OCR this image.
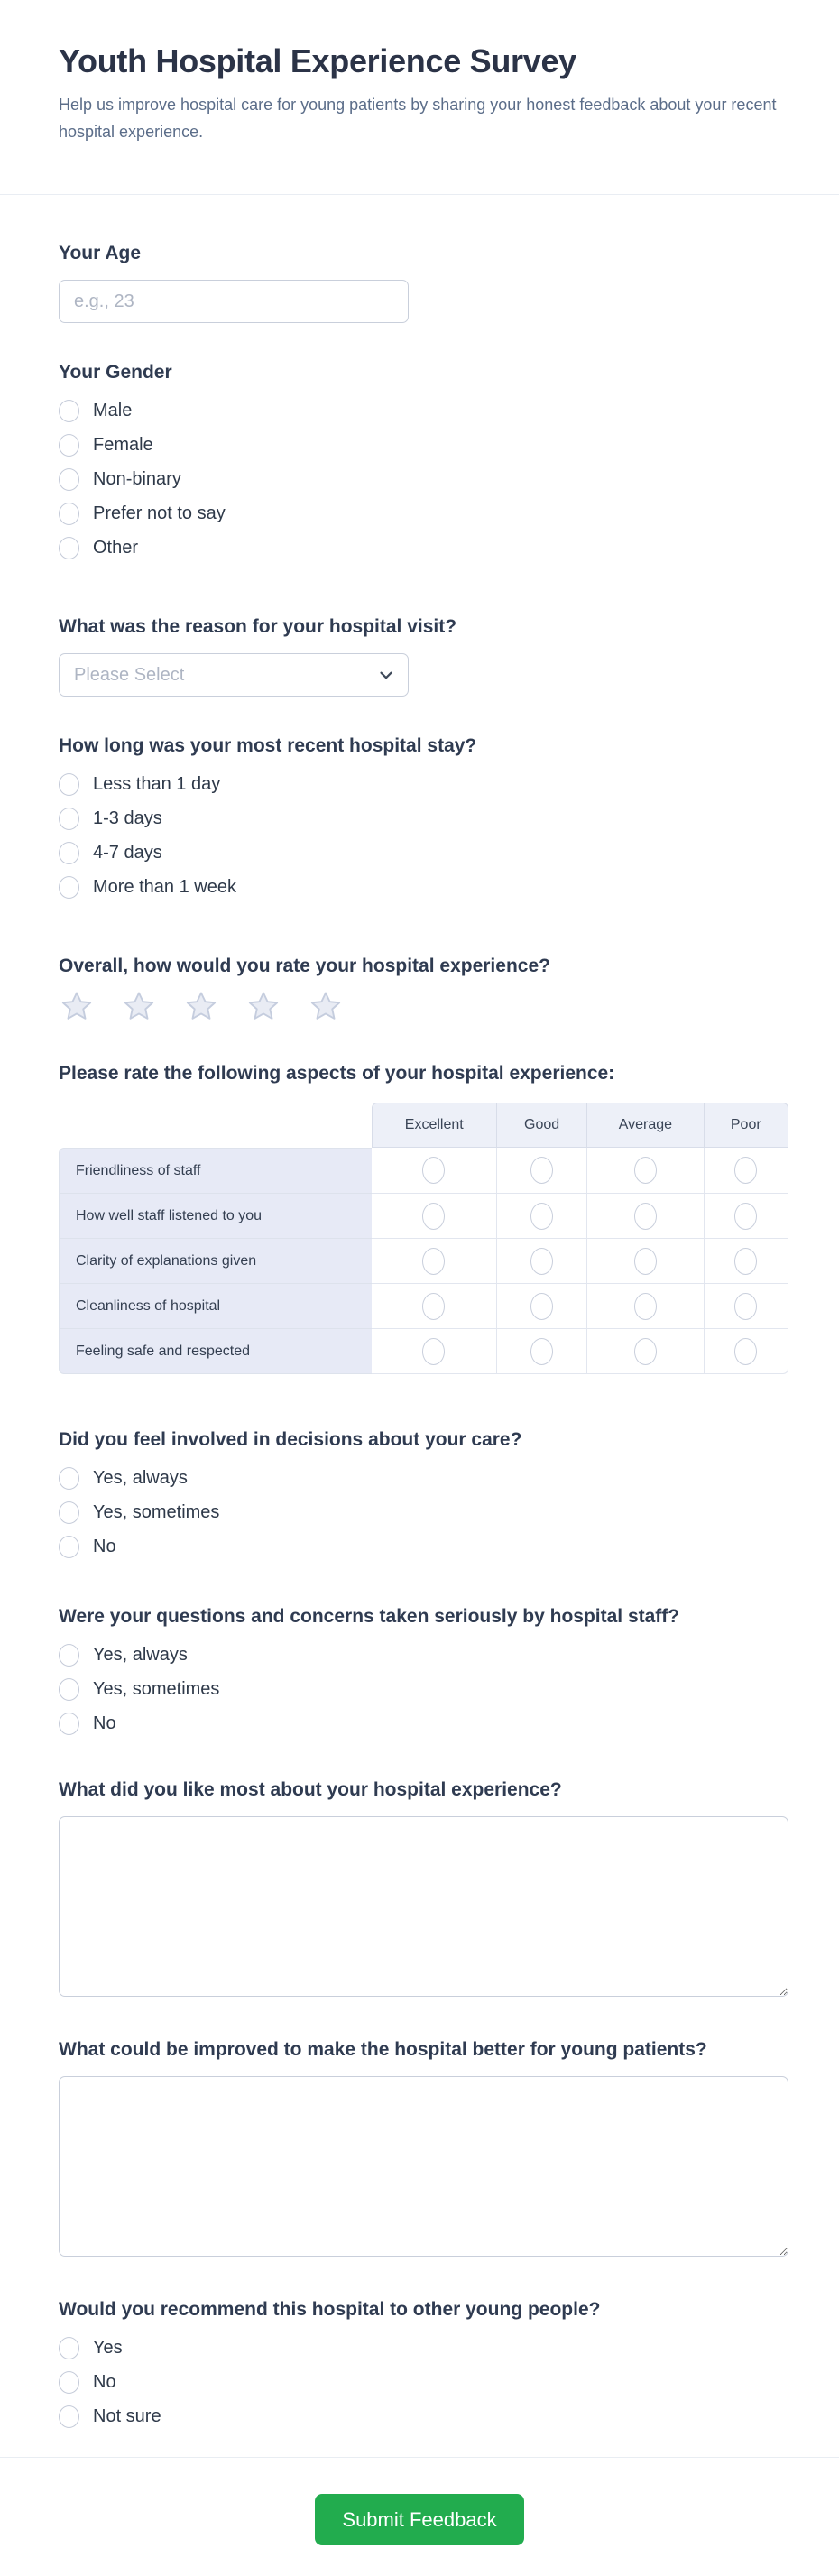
Youth Hospital Experience Survey

Help us improve hospital care for young patients by sharing your honest feedback about your recent hospital experience.

Your Age
e.g., 23
Your Gender
Male
Female
Non-binary
Prefer not to say
Other
What was the reason for your hospital visit?
Please Select
How long was your most recent hospital stay?
Less than 1 day
1-3 days
4-7 days
More than 1 week
Overall, how would you rate your hospital experience?
Please rate the following aspects of your hospital experience:
	Excellent	Good	Average	Poor
Friendliness of staff				
How well staff listened to you				
Clarity of explanations given				
Cleanliness of hospital				
Feeling safe and respected				
Did you feel involved in decisions about your care?
Yes, always
Yes, sometimes
No
Were your questions and concerns taken seriously by hospital staff?
Yes, always
Yes, sometimes
No
What did you like most about your hospital experience?
What could be improved to make the hospital better for young patients?
Would you recommend this hospital to other young people?
Yes
No
Not sure
Submit Feedback
